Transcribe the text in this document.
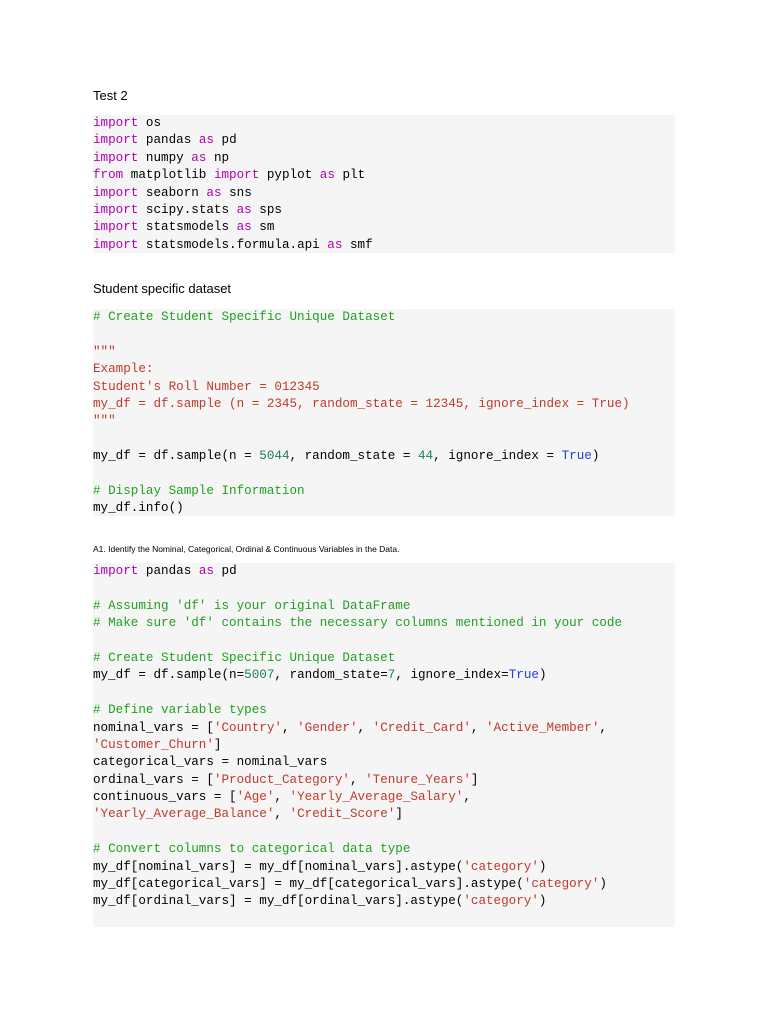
Test 2
import os
import pandas as pd
import numpy as np
from matplotlib import pyplot as plt
import seaborn as sns
import scipy.stats as sps
import statsmodels as sm
import statsmodels.formula.api as smf
Student specific dataset
# Create Student Specific Unique Dataset
"""
Example:
Student's Roll Number = 012345
my_df = df.sample (n = 2345, random_state = 12345, ignore_index = True)
"""
my_df = df.sample(n = 5044, random_state = 44, ignore_index = True)
# Display Sample Information
my_df.info()
A1. Identify the Nominal, Categorical, Ordinal & Continuous Variables in the Data.
import pandas as pd
# Assuming 'df' is your original DataFrame
# Make sure 'df' contains the necessary columns mentioned in your code
# Create Student Specific Unique Dataset
my_df = df.sample(n=5007, random_state=7, ignore_index=True)
# Define variable types
nominal_vars = ['Country', 'Gender', 'Credit_Card', 'Active_Member',
'Customer_Churn']
categorical_vars = nominal_vars
ordinal_vars = ['Product_Category', 'Tenure_Years']
continuous_vars = ['Age', 'Yearly_Average_Salary',
'Yearly_Average_Balance', 'Credit_Score']
# Convert columns to categorical data type
my_df[nominal_vars] = my_df[nominal_vars].astype('category')
my_df[categorical_vars] = my_df[categorical_vars].astype('category')
my_df[ordinal_vars] = my_df[ordinal_vars].astype('category')
